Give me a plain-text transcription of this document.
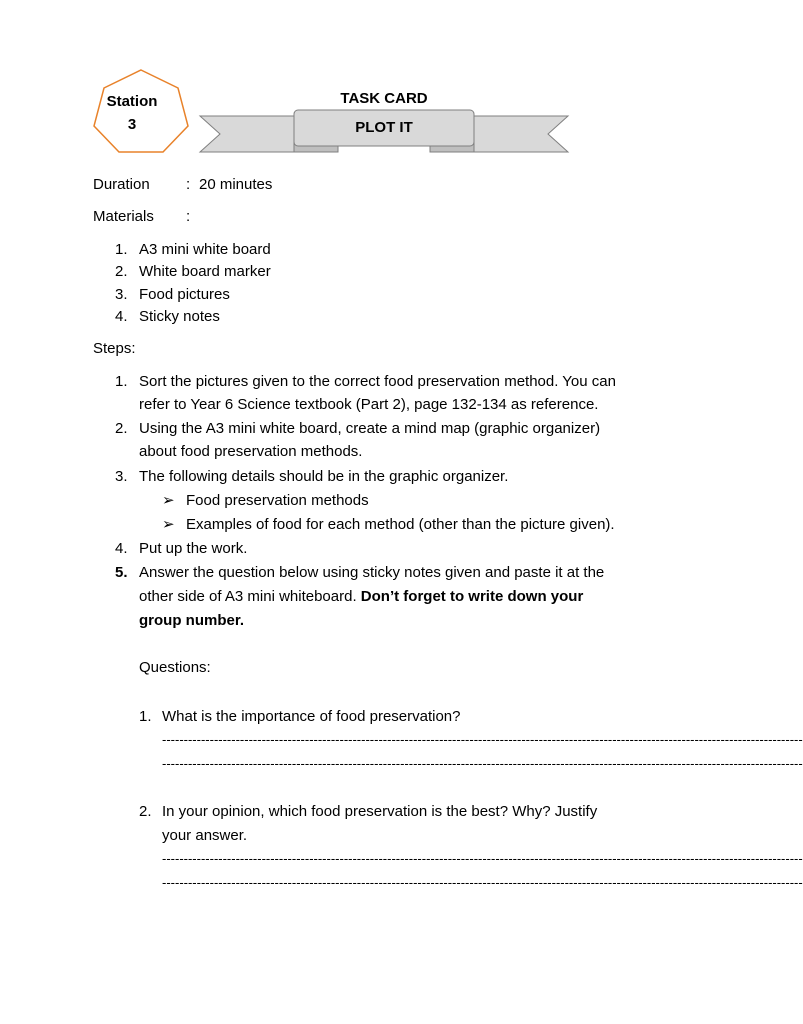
Station
3
TASK CARD
PLOT IT
Duration : 20 minutes
Materials :
1. A3 mini white board
2. White board marker
3. Food pictures
4. Sticky notes
Steps:
1. Sort the pictures given to the correct food preservation method. You can
refer to Year 6 Science textbook (Part 2), page 132-134 as reference.
2. Using the A3 mini white board, create a mind map (graphic organizer)
about food preservation methods.
3. The following details should be in the graphic organizer.
➢ Food preservation methods
➢ Examples of food for each method (other than the picture given).
4. Put up the work.
5. Answer the question below using sticky notes given and paste it at the
other side of A3 mini whiteboard. Don’t forget to write down your
group number.
Questions:
1. What is the importance of food preservation?
----------------------------------------------------------------------------------------------------------------------------------------------------
----------------------------------------------------------------------------------------------------------------------------------------------------
2. In your opinion, which food preservation is the best? Why? Justify
your answer.
----------------------------------------------------------------------------------------------------------------------------------------------------
----------------------------------------------------------------------------------------------------------------------------------------------------
